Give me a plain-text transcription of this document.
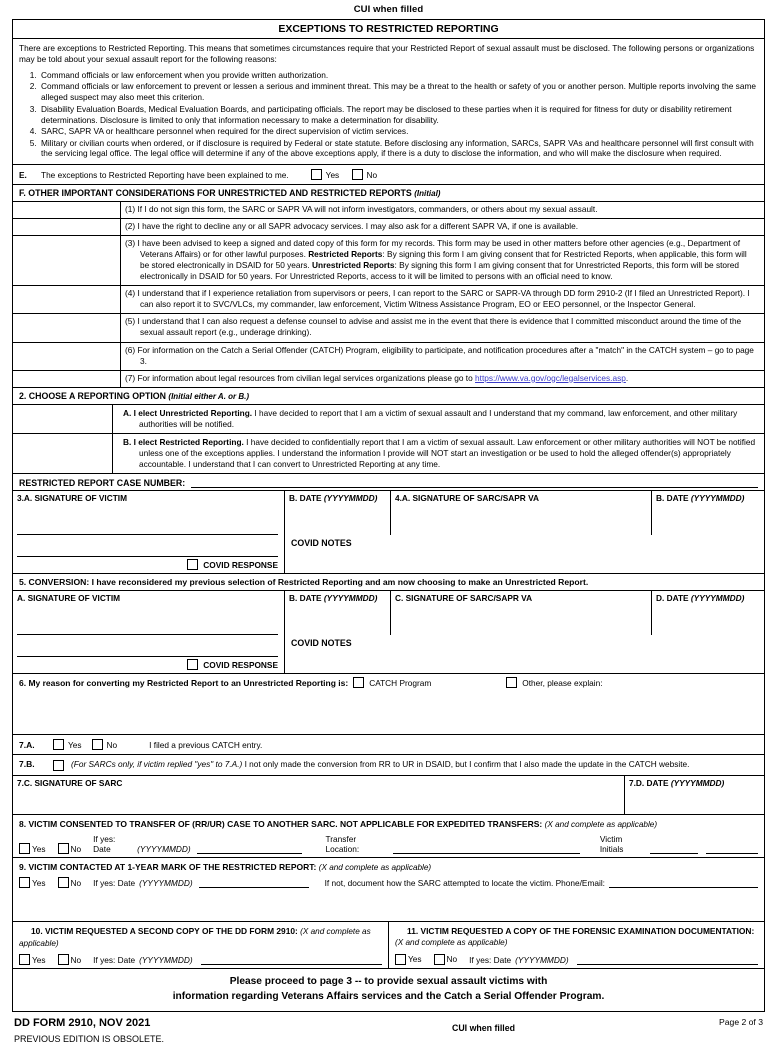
CUI when filled
EXCEPTIONS TO RESTRICTED REPORTING

There are exceptions to Restricted Reporting. This means that sometimes circumstances require that your Restricted Report of sexual assault must be disclosed. The following persons or organizations may be told about your sexual assault report for the following reasons:

1. Command officials or law enforcement when you provide written authorization.
2. Command officials or law enforcement to prevent or lessen a serious and imminent threat. This may be a threat to the health or safety of you or another person. Multiple reports involving the same alleged suspect may also meet this criterion.
3. Disability Evaluation Boards, Medical Evaluation Boards, and participating officials. The report may be disclosed to these parties when it is required for fitness for duty or disability retirement determinations. Disclosure is limited to only that information necessary to make a determination for disability.
4. SARC, SAPR VA or healthcare personnel when required for the direct supervision of victim services.
5. Military or civilian courts when ordered, or if disclosure is required by Federal or state statute. Before disclosing any information, SARCs, SAPR VAs and healthcare personnel will first consult with the servicing legal office. The legal office will determine if any of the above exceptions apply, if there is a duty to disclose the information, and who will make the disclosure when required.
E.	The exceptions to Restricted Reporting have been explained to me.	Yes	No
F. OTHER IMPORTANT CONSIDERATIONS FOR UNRESTRICTED AND RESTRICTED REPORTS (Initial)
(1) If I do not sign this form, the SARC or SAPR VA will not inform investigators, commanders, or others about my sexual assault.
(2) I have the right to decline any or all SAPR advocacy services. I may also ask for a different SAPR VA, if one is available.
(3) I have been advised to keep a signed and dated copy of this form for my records. This form may be used in other matters before other agencies (e.g., Department of Veterans Affairs) or for other lawful purposes. Restricted Reports: By signing this form I am giving consent that for Restricted Reports, when applicable, this form will be stored electronically in DSAID for 50 years. Unrestricted Reports: By signing this form I am giving consent that for Unrestricted Reports, this form will be stored electronically in DSAID for 50 years. For Unrestricted Reports, access to it will be limited to persons with an official need to know.
(4) I understand that if I experience retaliation from supervisors or peers, I can report to the SARC or SAPR-VA through DD form 2910-2 (If I filed an Unrestricted Report). I can also report it to SVC/VLCs, my commander, law enforcement, Victim Witness Assistance Program, EO or EEO personnel, or the Inspector General.
(5) I understand that I can also request a defense counsel to advise and assist me in the event that there is evidence that I committed misconduct around the time of the sexual assault report (e.g., underage drinking).
(6) For information on the Catch a Serial Offender (CATCH) Program, eligibility to participate, and notification procedures after a "match" in the CATCH system – go to page 3.
(7) For information about legal resources from civilian legal services organizations please go to https://www.va.gov/ogc/legalservices.asp.
2. CHOOSE A REPORTING OPTION (Initial either A. or B.)
A. I elect Unrestricted Reporting. I have decided to report that I am a victim of sexual assault and I understand that my command, law enforcement, and other military authorities will be notified.
B. I elect Restricted Reporting. I have decided to confidentially report that I am a victim of sexual assault. Law enforcement or other military authorities will NOT be notified unless one of the exceptions applies. I understand the information I provide will NOT start an investigation or be used to hold the alleged offender(s) appropriately accountable. I understand that I can convert to Unrestricted Reporting at any time.
RESTRICTED REPORT CASE NUMBER:
3.A. SIGNATURE OF VICTIM	B. DATE (YYYYMMDD)	4.A. SIGNATURE OF SARC/SAPR VA	B. DATE (YYYYMMDD)
COVID RESPONSE
COVID NOTES
5. CONVERSION: I have reconsidered my previous selection of Restricted Reporting and am now choosing to make an Unrestricted Report.
A. SIGNATURE OF VICTIM	B. DATE (YYYYMMDD)	C. SIGNATURE OF SARC/SAPR VA	D. DATE (YYYYMMDD)
COVID RESPONSE
COVID NOTES
6. My reason for converting my Restricted Report to an Unrestricted Reporting is:	CATCH Program	Other, please explain:
7.A.	Yes	No	I filed a previous CATCH entry.
7.B.	(For SARCs only, if victim replied "yes" to 7.A.) I not only made the conversion from RR to UR in DSAID, but I confirm that I also made the update in the CATCH website.
7.C. SIGNATURE OF SARC	7.D. DATE (YYYYMMDD)
8. VICTIM CONSENTED TO TRANSFER OF (RR/UR) CASE TO ANOTHER SARC. NOT APPLICABLE FOR EXPEDITED TRANSFERS: (X and complete as applicable)
Yes	No
If yes: Date	(YYYYMMDD)
Transfer Location:
Victim Initials
9. VICTIM CONTACTED AT 1-YEAR MARK OF THE RESTRICTED REPORT: (X and complete as applicable)
Yes	No If yes: Date (YYYYMMDD)	If not, document how the SARC attempted to locate the victim. Phone/Email:
10. VICTIM REQUESTED A SECOND COPY OF THE DD FORM 2910: (X and complete as applicable)
Yes	No If yes: Date (YYYYMMDD)
11. VICTIM REQUESTED A COPY OF THE FORENSIC EXAMINATION DOCUMENTATION: (X and complete as applicable)
Yes	No If yes: Date (YYYYMMDD)
Please proceed to page 3 -- to provide sexual assault victims with
information regarding Veterans Affairs services and the Catch a Serial Offender Program.
DD FORM 2910, NOV 2021
PREVIOUS EDITION IS OBSOLETE.
CUI when filled
Page 2 of 3
